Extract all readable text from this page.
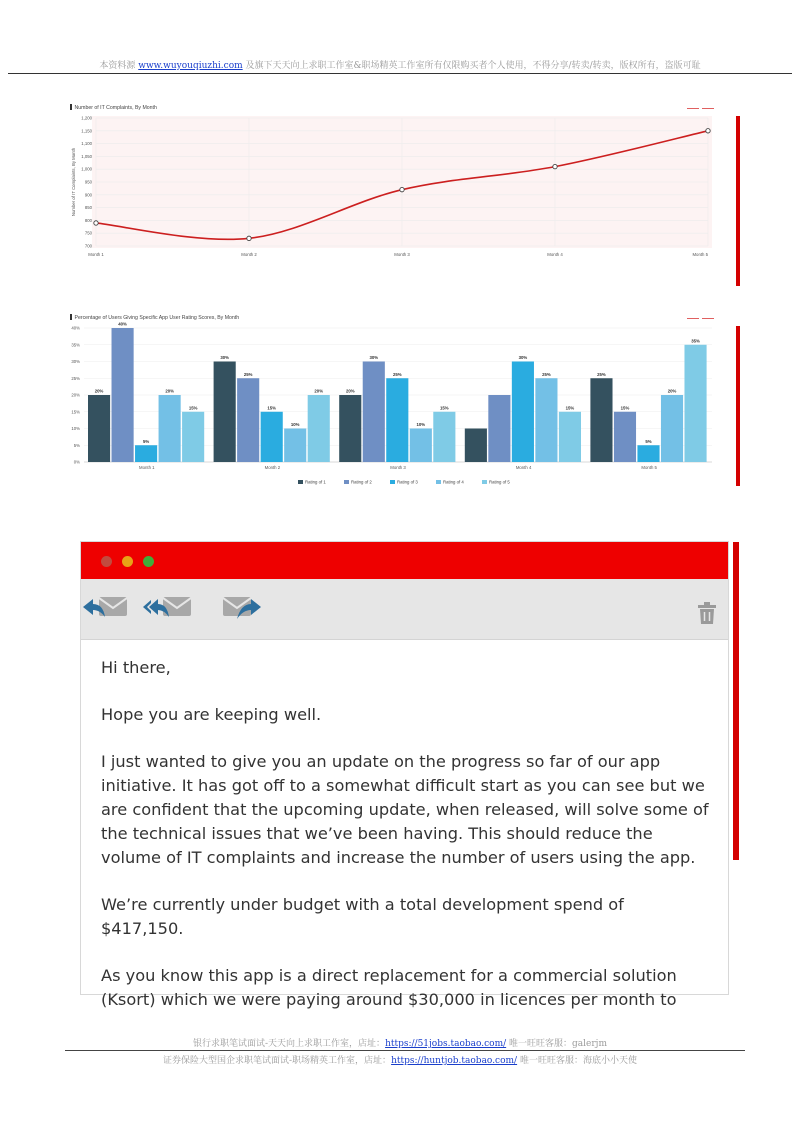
本资料源 www.wuyouqiuzhi.com 及旗下天天向上求职工作室&职场精英工作室所有仅限购买者个人使用，不得分享/转卖/转卖，版权所有，盗版可耻
Number of IT Complaints, By Month
700
750
800
850
900
950
1,000
1,050
1,100
1,150
1,200
Month 1	Month 2	Month 3	Month 4	Month 5
Number of IT Complaints, By Month
Percentage of Users Giving Specific App User Rating Scores, By Month
0%
5%
10%
15%
20%
25%
30%
35%
40%
20%
40%
5%
20%
15%
Month 1
30%
25%
15%
10%
20%
Month 2
20%
30%
25%
10%
15%
Month 3
30%
25%
15%
Month 4
25%
15%
5%
20%
35%
Month 5
Rating of 1	Rating of 2	Rating of 3	Rating of 4	Rating of 5

Hi there,

Hope you are keeping well.

I just wanted to give you an update on the progress so far of our app initiative. It has got off to a somewhat difficult start as you can see but we are confident that the upcoming update, when released, will solve some of the technical issues that we’ve been having. This should reduce the volume of IT complaints and increase the number of users using the app.

We’re currently under budget with a total development spend of $417,150.

As you know this app is a direct replacement for a commercial solution (Ksort) which we were paying around $30,000 in licences per month to

银行求职笔试面试-天天向上求职工作室，店址：https://51jobs.taobao.com/ 唯一旺旺客服：galerjm
证券保险大型国企求职笔试面试-职场精英工作室，店址：https://huntjob.taobao.com/ 唯一旺旺客服：海底小小天使
